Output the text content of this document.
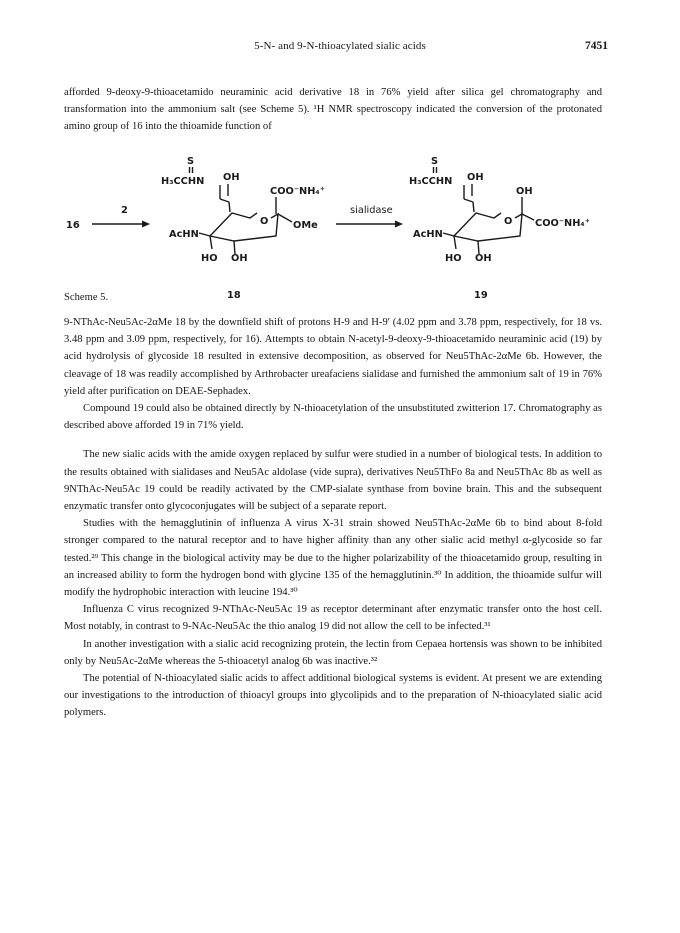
5-N- and 9-N-thioacylated sialic acids	7451

afforded 9-deoxy-9-thioacetamido neuraminic acid derivative 18 in 76% yield after silica gel chromatography and transformation into the ammonium salt (see Scheme 5). ¹H NMR spectroscopy indicated the conversion of the protonated amino group of 16 into the thioamide function of

16
2
S
H₃CCHN OH
COO⁻NH₄⁺
O	OMe
AcHN
HO OH
sialidase
S
H₃CCHN OH
OH
O COO⁻NH₄⁺
AcHN
HO OH
Scheme 5.	18	19

9-NThAc-Neu5Ac-2αMe 18 by the downfield shift of protons H-9 and H-9' (4.02 ppm and 3.78 ppm, respectively, for 18 vs. 3.48 ppm and 3.09 ppm, respectively, for 16). Attempts to obtain N-acetyl-9-deoxy-9-thioacetamido neuraminic acid (19) by acid hydrolysis of glycoside 18 resulted in extensive decomposition, as observed for Neu5ThAc-2αMe 6b. However, the cleavage of 18 was readily accomplished by Arthrobacter ureafaciens sialidase and furnished the ammonium salt of 19 in 76% yield after purification on DEAE-Sephadex.

Compound 19 could also be obtained directly by N-thioacetylation of the unsubstituted zwitterion 17. Chromatography as described above afforded 19 in 71% yield.

The new sialic acids with the amide oxygen replaced by sulfur were studied in a number of biological tests. In addition to the results obtained with sialidases and Neu5Ac aldolase (vide supra), derivatives Neu5ThFo 8a and Neu5ThAc 8b as well as 9NThAc-Neu5Ac 19 could be readily activated by the CMP-sialate synthase from bovine brain. This and the subsequent enzymatic transfer onto glycoconjugates will be subject of a separate report.

Studies with the hemagglutinin of influenza A virus X-31 strain showed Neu5ThAc-2αMe 6b to bind about 8-fold stronger compared to the natural receptor and to have higher affinity than any other sialic acid methyl α-glycoside so far tested.²⁹ This change in the biological activity may be due to the higher polarizability of the thioacetamido group, resulting in an increased ability to form the hydrogen bond with glycine 135 of the hemagglutinin.³⁰ In addition, the thioamide sulfur will modify the hydrophobic interaction with leucine 194.³⁰

Influenza C virus recognized 9-NThAc-Neu5Ac 19 as receptor determinant after enzymatic transfer onto the host cell. Most notably, in contrast to 9-NAc-Neu5Ac the thio analog 19 did not allow the cell to be infected.³¹

In another investigation with a sialic acid recognizing protein, the lectin from Cepaea hortensis was shown to be inhibited only by Neu5Ac-2αMe whereas the 5-thioacetyl analog 6b was inactive.³²

The potential of N-thioacylated sialic acids to affect additional biological systems is evident. At present we are extending our investigations to the introduction of thioacyl groups into glycolipids and to the preparation of N-thioacylated sialic acid polymers.
